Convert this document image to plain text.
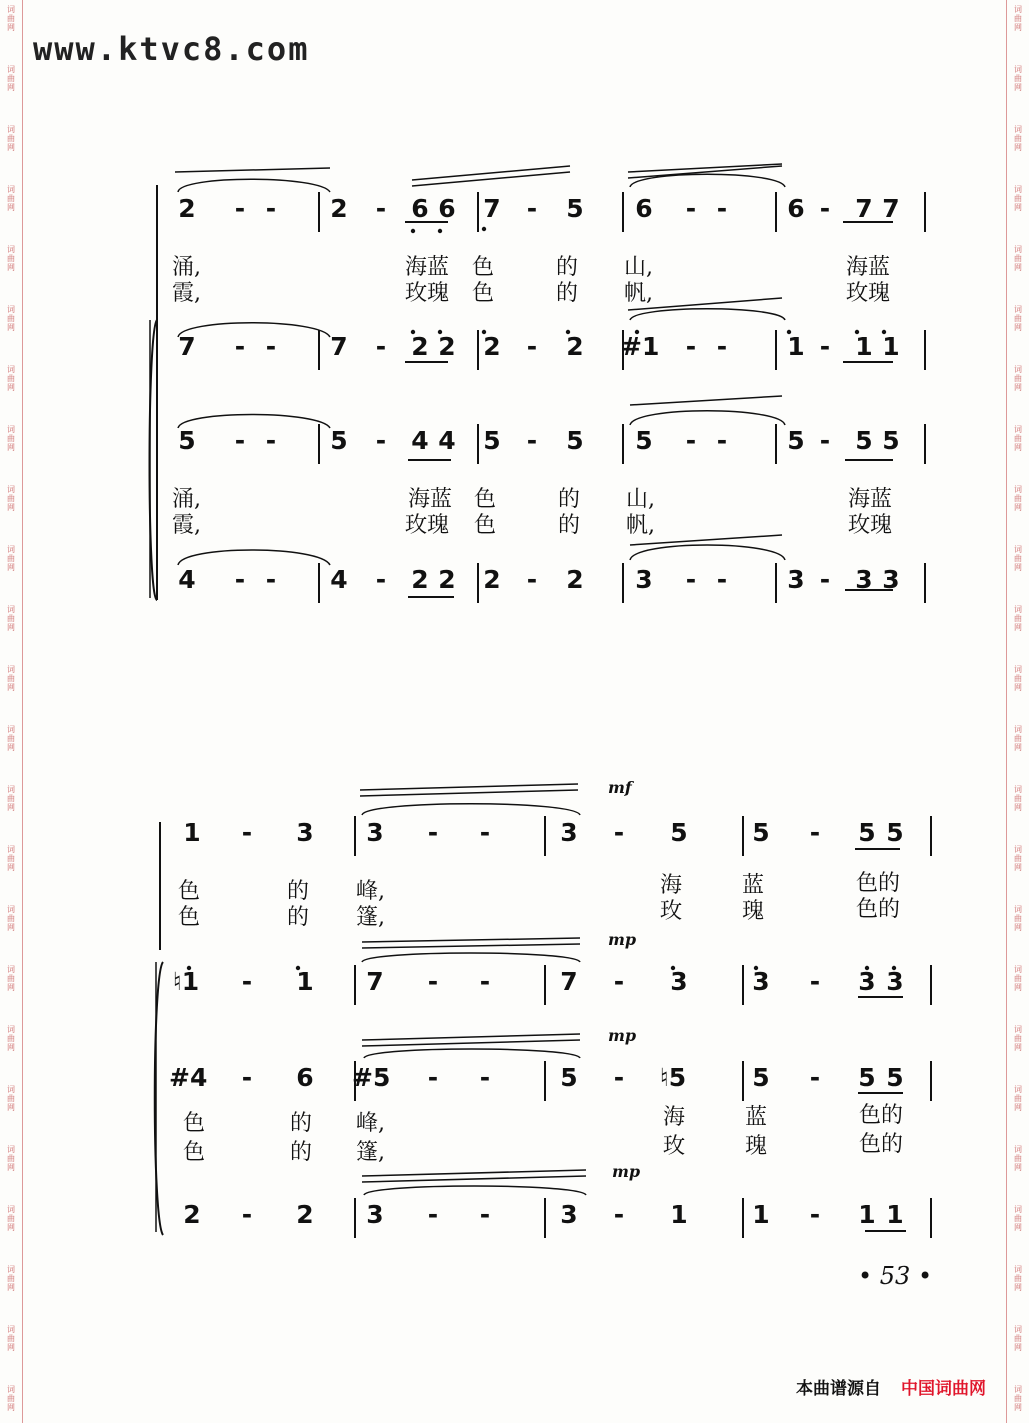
词
曲
网
词
曲
网
词
曲
网
词
曲
网
词
曲
网
词
曲
网
词
曲
网
词
曲
网
词
曲
网
词
曲
网
词
曲
网
词
曲
网
词
曲
网
词
曲
网
词
曲
网
词
曲
网
词
曲
网
词
曲
网
词
曲
网
词
曲
网
词
曲
网
词
曲
网
词
曲
网
词
曲
网
词
曲
网
词
曲
网
词
曲
网
词
曲
网
词
曲
网
词
曲
网
词
曲
网
词
曲
网
词
曲
网
词
曲
网
词
曲
网
词
曲
网
词
曲
网
词
曲
网
词
曲
网
词
曲
网
词
曲
网
词
曲
网
词
曲
网
词
曲
网
词
曲
网
词
曲
网
词
曲
网
词
曲
网
www.ktvc8.com
2	- -	2	-	6 6 7	-	5 6	- -	6 -	7 7
7	- -	7	-	2 2 2	-	2 #1	- -	1 -	1 1
5	- -	5	-	4 4 5	-	5 5	- -	5 -	5 5
4	- -	4	-	2 2 2	-	2 3	- -	3 -	3 3
涌,	海蓝 色	的 山,	海蓝
霞,	玫瑰 色	的 帆,	玫瑰
涌,	海蓝 色	的 山,	海蓝
霞,	玫瑰 色	的 帆,	玫瑰
mf
mp
mp
mp
1	-	3 3	-	-	3	-	5	5	-	5 5
♮1	-	1 7	-	-	7	-	3	3	-	3 3
#4	-	6 #5	-	-	5	-	♮5	5	-	5 5
2	-	2 3	-	-	3	-	1	1	-	1 1
色	的 峰,	海	蓝	色的
色	的 篷,	玫	瑰	色的
色	的 峰,	海	蓝	色的
色	的 篷,	玫	瑰	色的
• 53 •
本曲谱源自 中国词曲网
